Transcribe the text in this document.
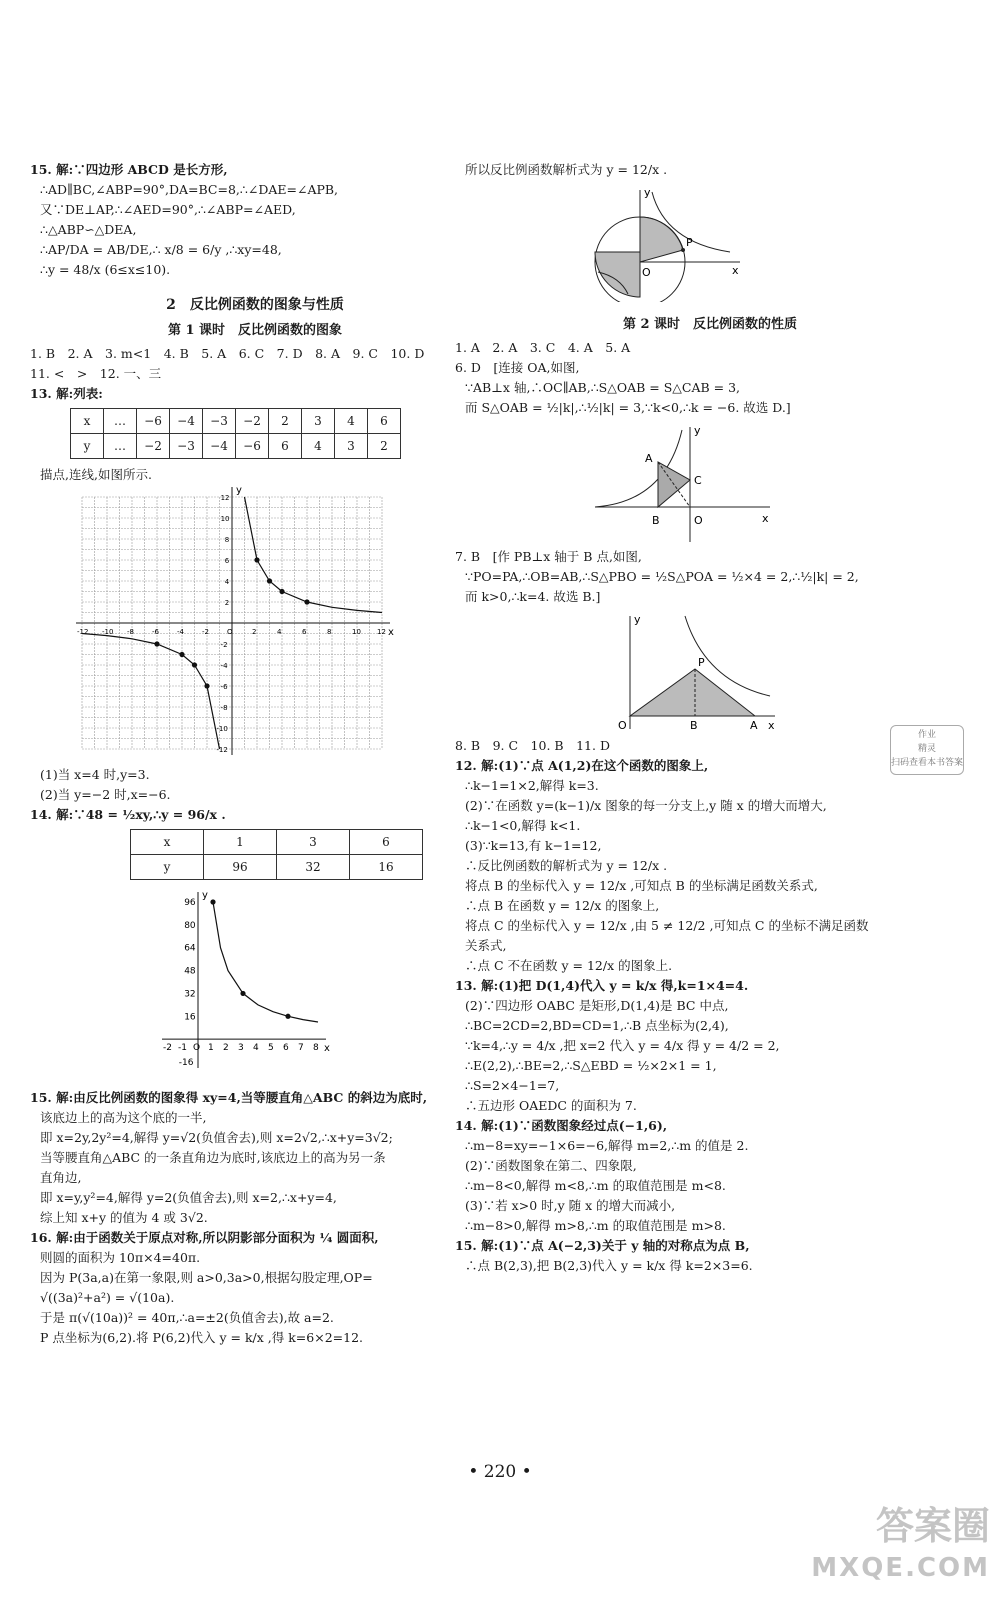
15. 解:∵四边形 ABCD 是长方形,
∴AD∥BC,∠ABP=90°,DA=BC=8,∴∠DAE=∠APB,
又∵DE⊥AP,∴∠AED=90°,∴∠ABP=∠AED,
∴△ABP∽△DEA,
∴AP/DA = AB/DE,∴ x/8 = 6/y ,∴xy=48,
∴y = 48/x (6≤x≤10).
2　反比例函数的图象与性质
第 1 课时　反比例函数的图象
1. B　2. A　3. m<1　4. B　5. A　6. C　7. D　8. A　9. C　10. D
11. <　>　12. 一、三
13. 解:列表:
x	…	−6	−4	−3	−2	2	3	4	6
y	…	−2	−3	−4	−6	6	4	3	2
描点,连线,如图所示.
x
y
-12 -10 -8	-6	-4	-2	O	2	4	6	8	10 12
12
10
8
6
4
2
-2
-4
-6
-8
-10
-12
(1)当 x=4 时,y=3.
(2)当 y=−2 时,x=−6.
14. 解:∵48 = ½xy,∴y = 96/x .
x	1	3	6
y	96	32	16
x
y
-2 -1 O 1 2 3 4 5 6 7 8
96
80
64
48
32
16
-16
15. 解:由反比例函数的图象得 xy=4,当等腰直角△ABC 的斜边为底时,
该底边上的高为这个底的一半,
即 x=2y,2y²=4,解得 y=√2(负值舍去),则 x=2√2,∴x+y=3√2;
当等腰直角△ABC 的一条直角边为底时,该底边上的高为另一条
直角边,
即 x=y,y²=4,解得 y=2(负值舍去),则 x=2,∴x+y=4,
综上知 x+y 的值为 4 或 3√2.
16. 解:由于函数关于原点对称,所以阴影部分面积为 ¼ 圆面积,
则圆的面积为 10π×4=40π.
因为 P(3a,a)在第一象限,则 a>0,3a>0,根据勾股定理,OP=
√((3a)²+a²) = √(10a).
于是 π(√(10a))² = 40π,∴a=±2(负值舍去),故 a=2.
P 点坐标为(6,2).将 P(6,2)代入 y = k/x ,得 k=6×2=12.
所以反比例函数解析式为 y = 12/x .
y
P
O	x
第 2 课时　反比例函数的性质
1. A　2. A　3. C　4. A　5. A
6. D　[连接 OA,如图,
∵AB⊥x 轴,∴OC∥AB,∴S△OAB = S△CAB = 3,
而 S△OAB = ½|k|,∴½|k| = 3,∵k<0,∴k = −6. 故选 D.]
A
C
B	O
y
x
7. B　[作 PB⊥x 轴于 B 点,如图,
∵PO=PA,∴OB=AB,∴S△PBO = ½S△POA = ½×4 = 2,∴½|k| = 2,
而 k>0,∴k=4. 故选 B.]
y
P
O	B	A x
8. B　9. C　10. B　11. D
12. 解:(1)∵点 A(1,2)在这个函数的图象上,
∴k−1=1×2,解得 k=3.
(2)∵在函数 y=(k−1)/x 图象的每一分支上,y 随 x 的增大而增大,
∴k−1<0,解得 k<1.
(3)∵k=13,有 k−1=12,
∴反比例函数的解析式为 y = 12/x .
将点 B 的坐标代入 y = 12/x ,可知点 B 的坐标满足函数关系式,
∴点 B 在函数 y = 12/x 的图象上,
将点 C 的坐标代入 y = 12/x ,由 5 ≠ 12/2 ,可知点 C 的坐标不满足函数
关系式,
∴点 C 不在函数 y = 12/x 的图象上.
13. 解:(1)把 D(1,4)代入 y = k/x 得,k=1×4=4.
(2)∵四边形 OABC 是矩形,D(1,4)是 BC 中点,
∴BC=2CD=2,BD=CD=1,∴B 点坐标为(2,4),
∵k=4,∴y = 4/x ,把 x=2 代入 y = 4/x 得 y = 4/2 = 2,
∴E(2,2),∴BE=2,∴S△EBD = ½×2×1 = 1,
∴S=2×4−1=7,
∴五边形 OAEDC 的面积为 7.
14. 解:(1)∵函数图象经过点(−1,6),
∴m−8=xy=−1×6=−6,解得 m=2,∴m 的值是 2.
(2)∵函数图象在第二、四象限,
∴m−8<0,解得 m<8,∴m 的取值范围是 m<8.
(3)∵若 x>0 时,y 随 x 的增大而减小,
∴m−8>0,解得 m>8,∴m 的取值范围是 m>8.
15. 解:(1)∵点 A(−2,3)关于 y 轴的对称点为点 B,
∴点 B(2,3),把 B(2,3)代入 y = k/x 得 k=2×3=6.
作业
精灵
扫码查看本书答案
• 220 •
答案圈
MXQE.COM
